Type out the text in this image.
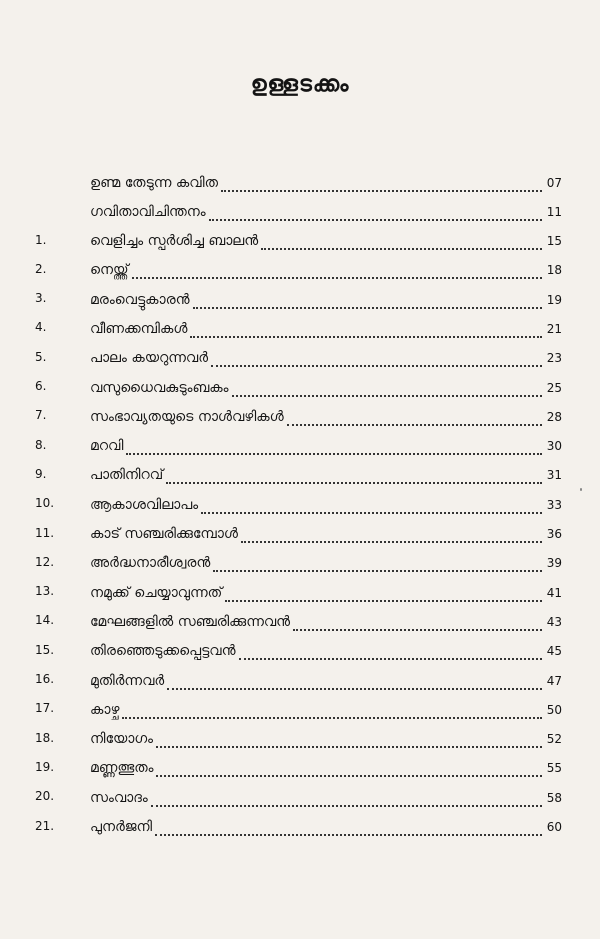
ഉള്ളടക്കം
ഉണ്മ തേടുന്ന കവിത	07
ഗവിതാവിചിന്തനം	11
1.	വെളിച്ചം സ്പർശിച്ച ബാലൻ	15
2.	നെയ്ത്ത്	18
3.	മരംവെട്ടുകാരൻ	19
4.	വീണക്കമ്പികൾ	21
5.	പാലം കയറുന്നവർ	23
6.	വസുധൈവകുടുംബകം	25
7.	സംഭാവ്യതയുടെ നാൾവഴികൾ	28
8.	മറവി	30
9.	പാതിനിറവ്	31
10.	ആകാശവിലാപം	33
11.	കാട് സഞ്ചരിക്കുമ്പോൾ	36
12.	അർദ്ധനാരീശ്വരൻ	39
13.	നമുക്ക് ചെയ്യാവുന്നത്	41
14.	മേഘങ്ങളിൽ സഞ്ചരിക്കുന്നവൻ	43
15.	തിരഞ്ഞെടുക്കപ്പെട്ടവൻ	45
16.	മുതിർന്നവർ	47
17.	കാഴ്ച	50
18.	നിയോഗം	52
19.	മണ്ണത്ഭുതം	55
20.	സംവാദം	58
21.	പുനർജനി	60
